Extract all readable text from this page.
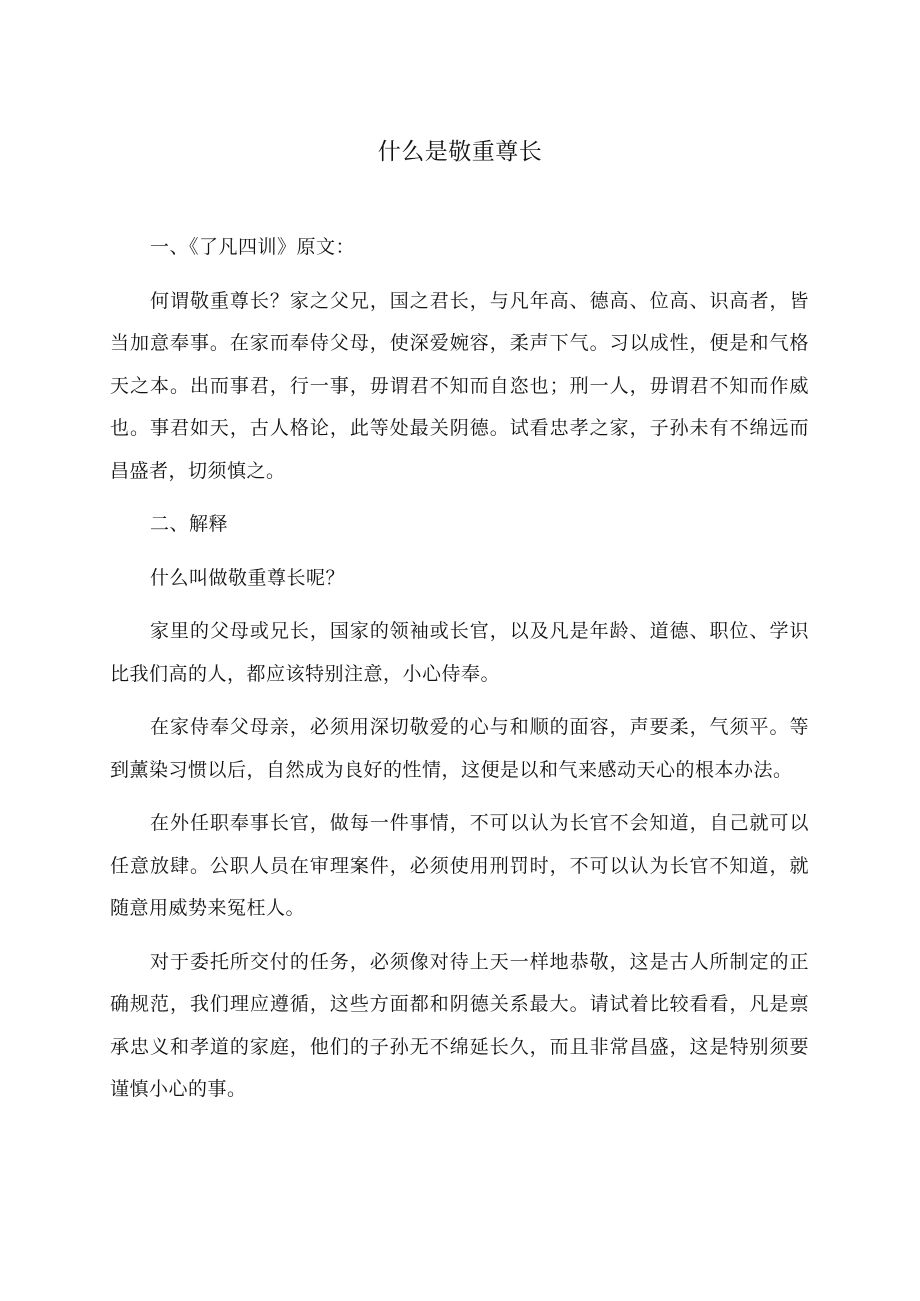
什么是敬重尊长

一、《了凡四训》原文：

何谓敬重尊长？家之父兄，国之君长，与凡年高、德高、位高、识高者，皆当加意奉事。在家而奉侍父母，使深爱婉容，柔声下气。习以成性，便是和气格天之本。出而事君，行一事，毋谓君不知而自恣也；刑一人，毋谓君不知而作威也。事君如天，古人格论，此等处最关阴德。试看忠孝之家，子孙未有不绵远而昌盛者，切须慎之。

二、解释

什么叫做敬重尊长呢？

家里的父母或兄长，国家的领袖或长官，以及凡是年龄、道德、职位、学识比我们高的人，都应该特别注意，小心侍奉。

在家侍奉父母亲，必须用深切敬爱的心与和顺的面容，声要柔，气须平。等到薰染习惯以后，自然成为良好的性情，这便是以和气来感动天心的根本办法。

在外任职奉事长官，做每一件事情，不可以认为长官不会知道，自己就可以任意放肆。公职人员在审理案件，必须使用刑罚时，不可以认为长官不知道，就随意用威势来冤枉人。

对于委托所交付的任务，必须像对待上天一样地恭敬，这是古人所制定的正确规范，我们理应遵循，这些方面都和阴德关系最大。请试着比较看看，凡是禀承忠义和孝道的家庭，他们的子孙无不绵延长久，而且非常昌盛，这是特别须要谨慎小心的事。
